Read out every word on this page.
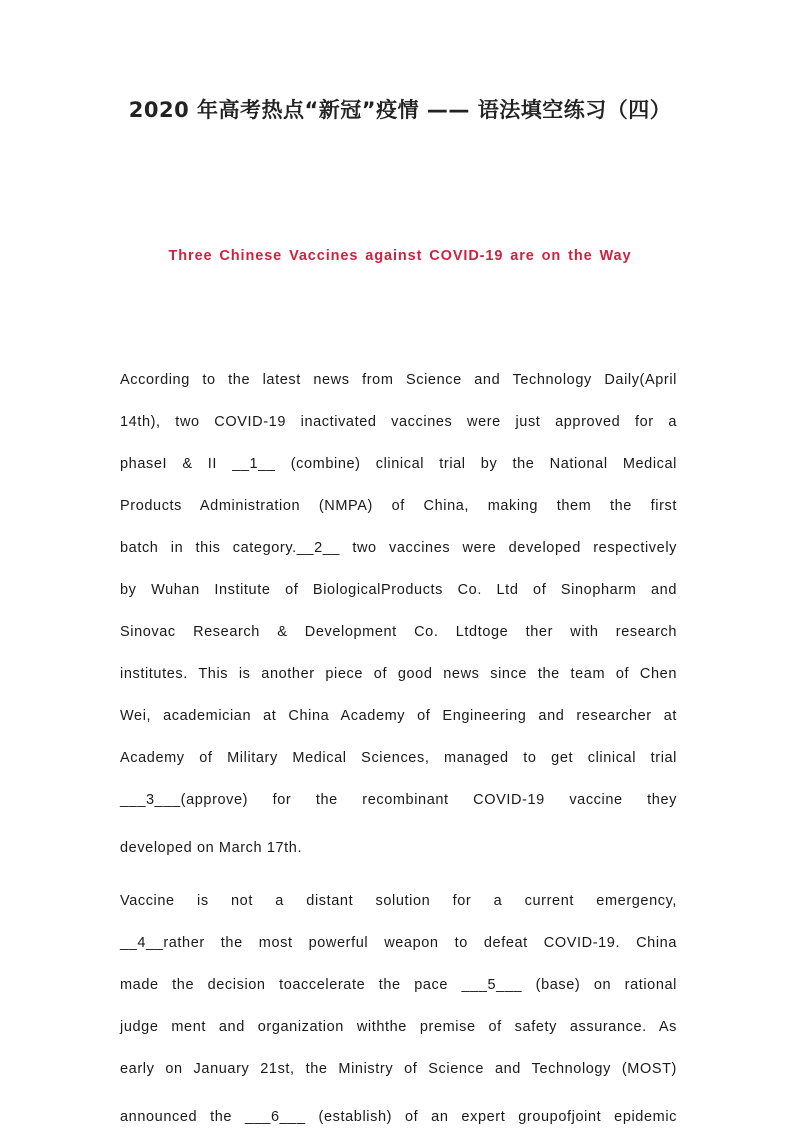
2020 年高考热点“新冠”疫情 —— 语法填空练习（四）
Three Chinese Vaccines against COVID-19 are on the Way
According to the latest news from Science and Technology Daily(April
14th), two COVID-19 inactivated vaccines were just approved for a
phaseI & II __1__ (combine) clinical trial by the National Medical
Products Administration (NMPA) of China, making them the first
batch in this category.__2__ two vaccines were developed respectively
by Wuhan Institute of BiologicalProducts Co. Ltd of Sinopharm and
Sinovac Research & Development Co. Ltdtoge ther with research
institutes. This is another piece of good news since the team of Chen
Wei, academician at China Academy of Engineering and researcher at
Academy of Military Medical Sciences, managed to get clinical trial
___3___(approve) for the recombinant COVID-19 vaccine they
developed on March 17th.
Vaccine is not a distant solution for a current emergency,
__4__rather the most powerful weapon to defeat COVID-19. China
made the decision toaccelerate the pace ___5___ (base) on rational
judge ment and organization withthe premise of safety assurance. As
early on January 21st, the Ministry of Science and Technology (MOST)
announced the ___6___ (establish) of an expert groupofjoint epidemic
